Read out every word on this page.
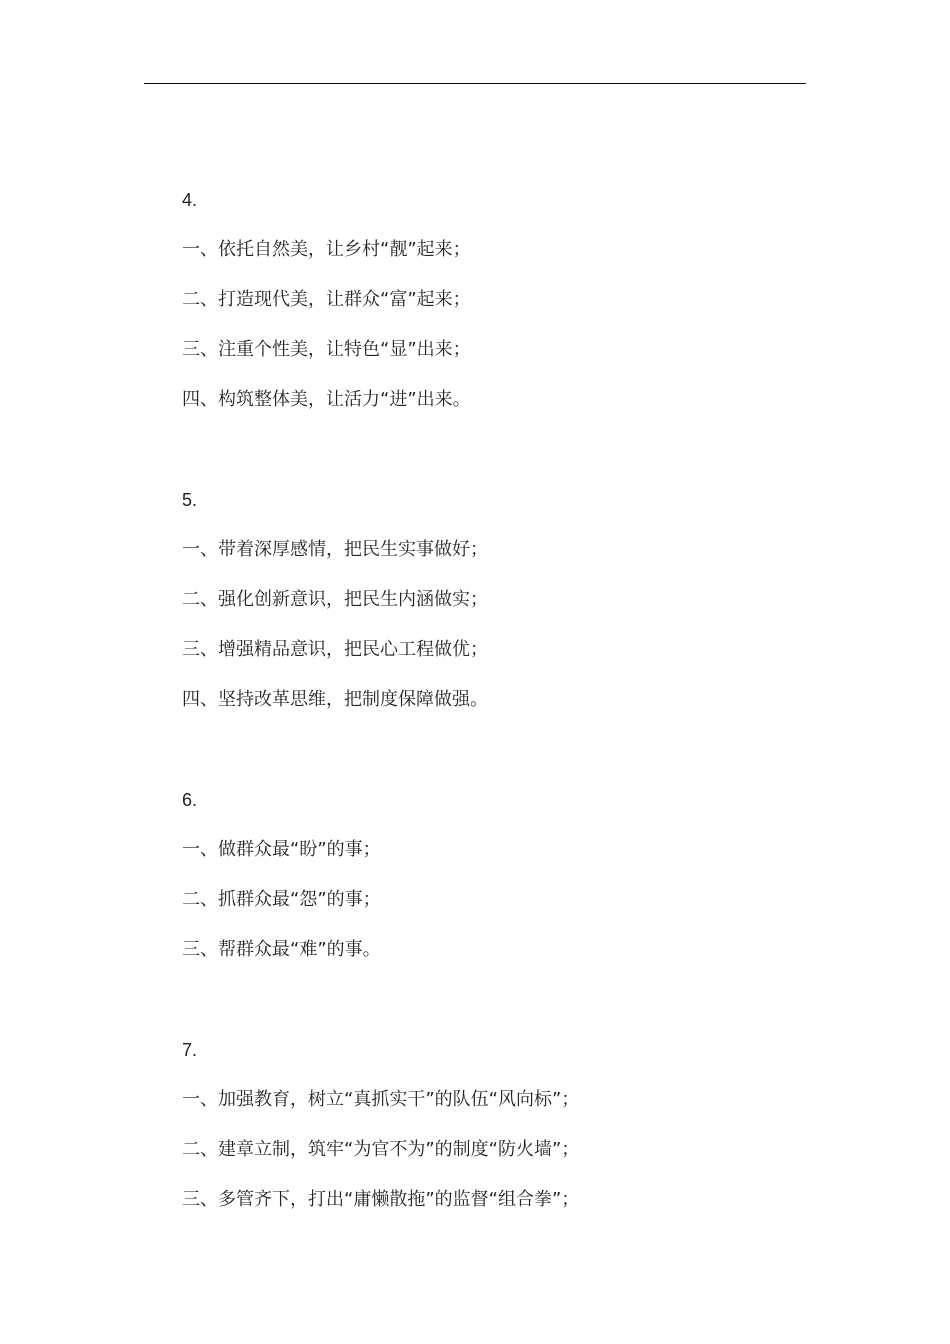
4.
一、依托自然美，让乡村“靓”起来；
二、打造现代美，让群众“富”起来；
三、注重个性美，让特色“显”出来；
四、构筑整体美，让活力“进”出来。
5.
一、带着深厚感情，把民生实事做好；
二、强化创新意识，把民生内涵做实；
三、增强精品意识，把民心工程做优；
四、坚持改革思维，把制度保障做强。
6.
一、做群众最“盼”的事；
二、抓群众最“怨”的事；
三、帮群众最“难”的事。
7.
一、加强教育，树立“真抓实干”的队伍“风向标”；
二、建章立制，筑牢“为官不为”的制度“防火墙”；
三、多管齐下，打出“庸懒散拖”的监督“组合拳”；
